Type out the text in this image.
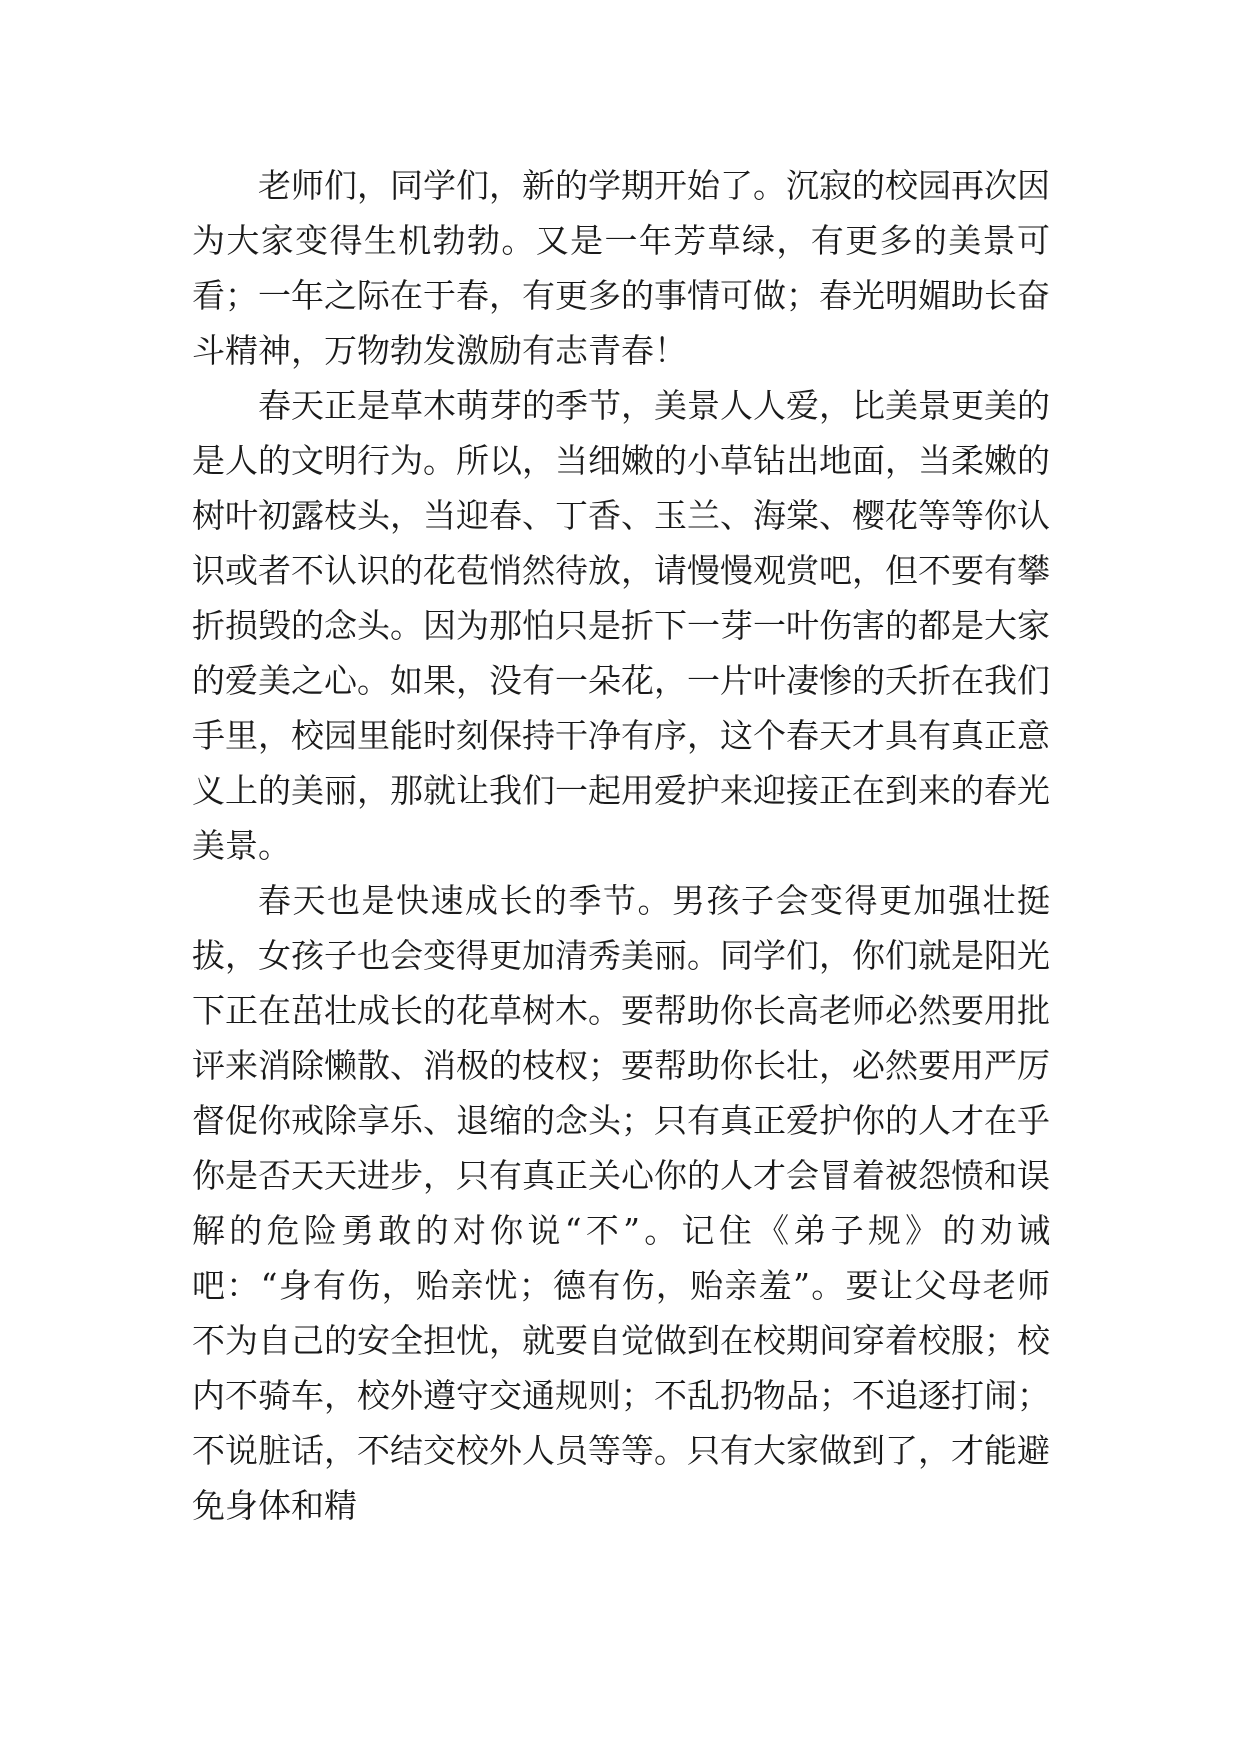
老师们，同学们，新的学期开始了。沉寂的校园再次因为大家变得生机勃勃。又是一年芳草绿，有更多的美景可看；一年之际在于春，有更多的事情可做；春光明媚助长奋斗精神，万物勃发激励有志青春！

春天正是草木萌芽的季节，美景人人爱，比美景更美的是人的文明行为。所以，当细嫩的小草钻出地面，当柔嫩的树叶初露枝头，当迎春、丁香、玉兰、海棠、樱花等等你认识或者不认识的花苞悄然待放，请慢慢观赏吧，但不要有攀折损毁的念头。因为那怕只是折下一芽一叶伤害的都是大家的爱美之心。如果，没有一朵花，一片叶凄惨的夭折在我们手里，校园里能时刻保持干净有序，这个春天才具有真正意义上的美丽，那就让我们一起用爱护来迎接正在到来的春光美景。

春天也是快速成长的季节。男孩子会变得更加强壮挺拔，女孩子也会变得更加清秀美丽。同学们，你们就是阳光下正在茁壮成长的花草树木。要帮助你长高老师必然要用批评来消除懒散、消极的枝杈；要帮助你长壮，必然要用严厉督促你戒除享乐、退缩的念头；只有真正爱护你的人才在乎你是否天天进步，只有真正关心你的人才会冒着被怨愤和误解的危险勇敢的对你说“不”。记住《弟子规》的劝诫吧：“身有伤，贻亲忧；德有伤，贻亲羞”。要让父母老师不为自己的安全担忧，就要自觉做到在校期间穿着校服；校内不骑车，校外遵守交通规则；不乱扔物品；不追逐打闹；不说脏话，不结交校外人员等等。只有大家做到了，才能避免身体和精
